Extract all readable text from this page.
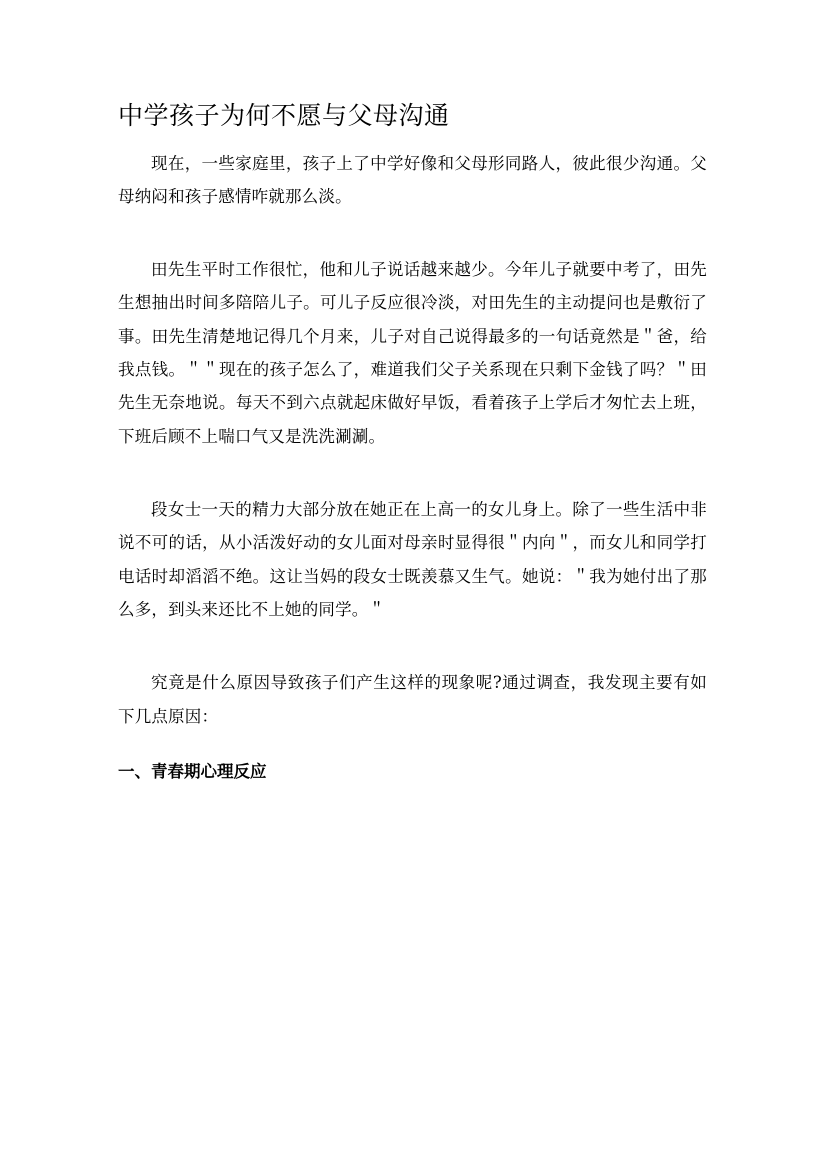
中学孩子为何不愿与父母沟通

现在，一些家庭里，孩子上了中学好像和父母形同路人，彼此很少沟通。父母纳闷和孩子感情咋就那么淡。

田先生平时工作很忙，他和儿子说话越来越少。今年儿子就要中考了，田先生想抽出时间多陪陪儿子。可儿子反应很冷淡，对田先生的主动提问也是敷衍了事。田先生清楚地记得几个月来，儿子对自己说得最多的一句话竟然是＂爸，给我点钱。＂＂现在的孩子怎么了，难道我们父子关系现在只剩下金钱了吗？＂田先生无奈地说。每天不到六点就起床做好早饭，看着孩子上学后才匆忙去上班，下班后顾不上喘口气又是洗洗涮涮。

段女士一天的精力大部分放在她正在上高一的女儿身上。除了一些生活中非说不可的话，从小活泼好动的女儿面对母亲时显得很＂内向＂，而女儿和同学打电话时却滔滔不绝。这让当妈的段女士既羡慕又生气。她说：＂我为她付出了那么多，到头来还比不上她的同学。＂

究竟是什么原因导致孩子们产生这样的现象呢?通过调查，我发现主要有如下几点原因：

一、青春期心理反应
